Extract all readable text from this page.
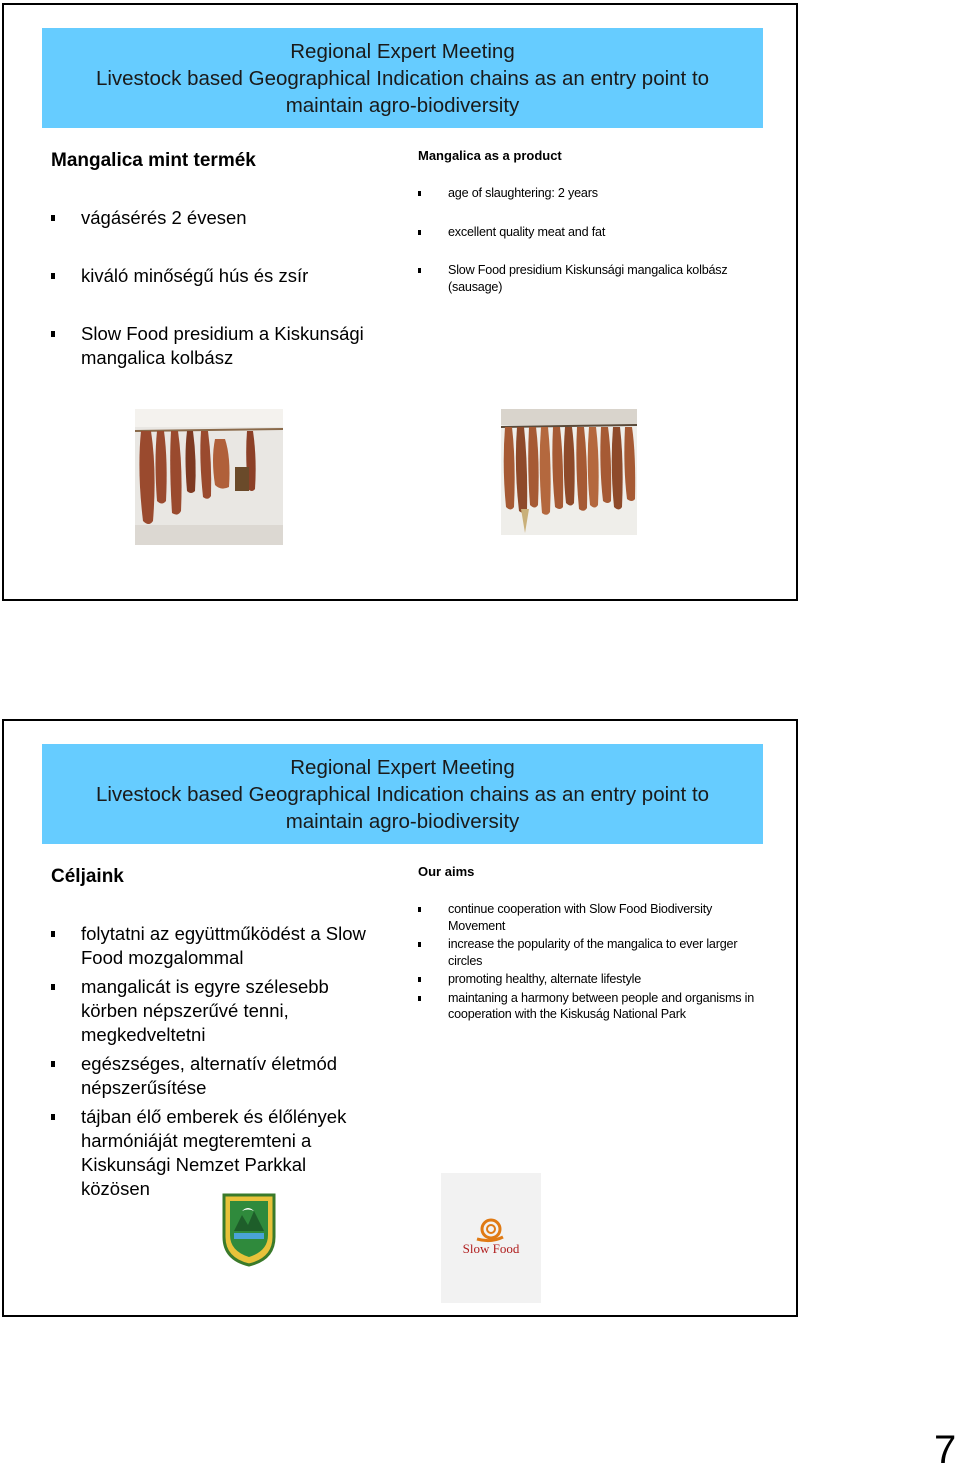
Regional Expert Meeting
Livestock based Geographical Indication chains as an entry point to
maintain agro-biodiversity
Mangalica mint termék	Mangalica as a product
vágásérés 2 évesen
kiváló minőségű hús és zsír
Slow Food presidium a Kiskunsági mangalica kolbász
age of slaughtering: 2 years
excellent quality meat and fat
Slow Food presidium Kiskunsági mangalica kolbász (sausage)
Regional Expert Meeting
Livestock based Geographical Indication chains as an entry point to
maintain agro-biodiversity
Céljaink	Our aims
folytatni az együttműködést a Slow Food mozgalommal
mangalicát is egyre szélesebb körben népszerűvé tenni, megkedveltetni
egészséges, alternatív életmód népszerűsítése
tájban élő emberek és élőlények harmóniáját megteremteni a Kiskunsági Nemzet Parkkal közösen
continue cooperation with Slow Food Biodiversity Movement
increase the popularity of the mangalica to ever larger circles
promoting healthy, alternate lifestyle
maintaning a harmony between people and organisms in cooperation with the Kiskuság National Park
Slow Food
7
